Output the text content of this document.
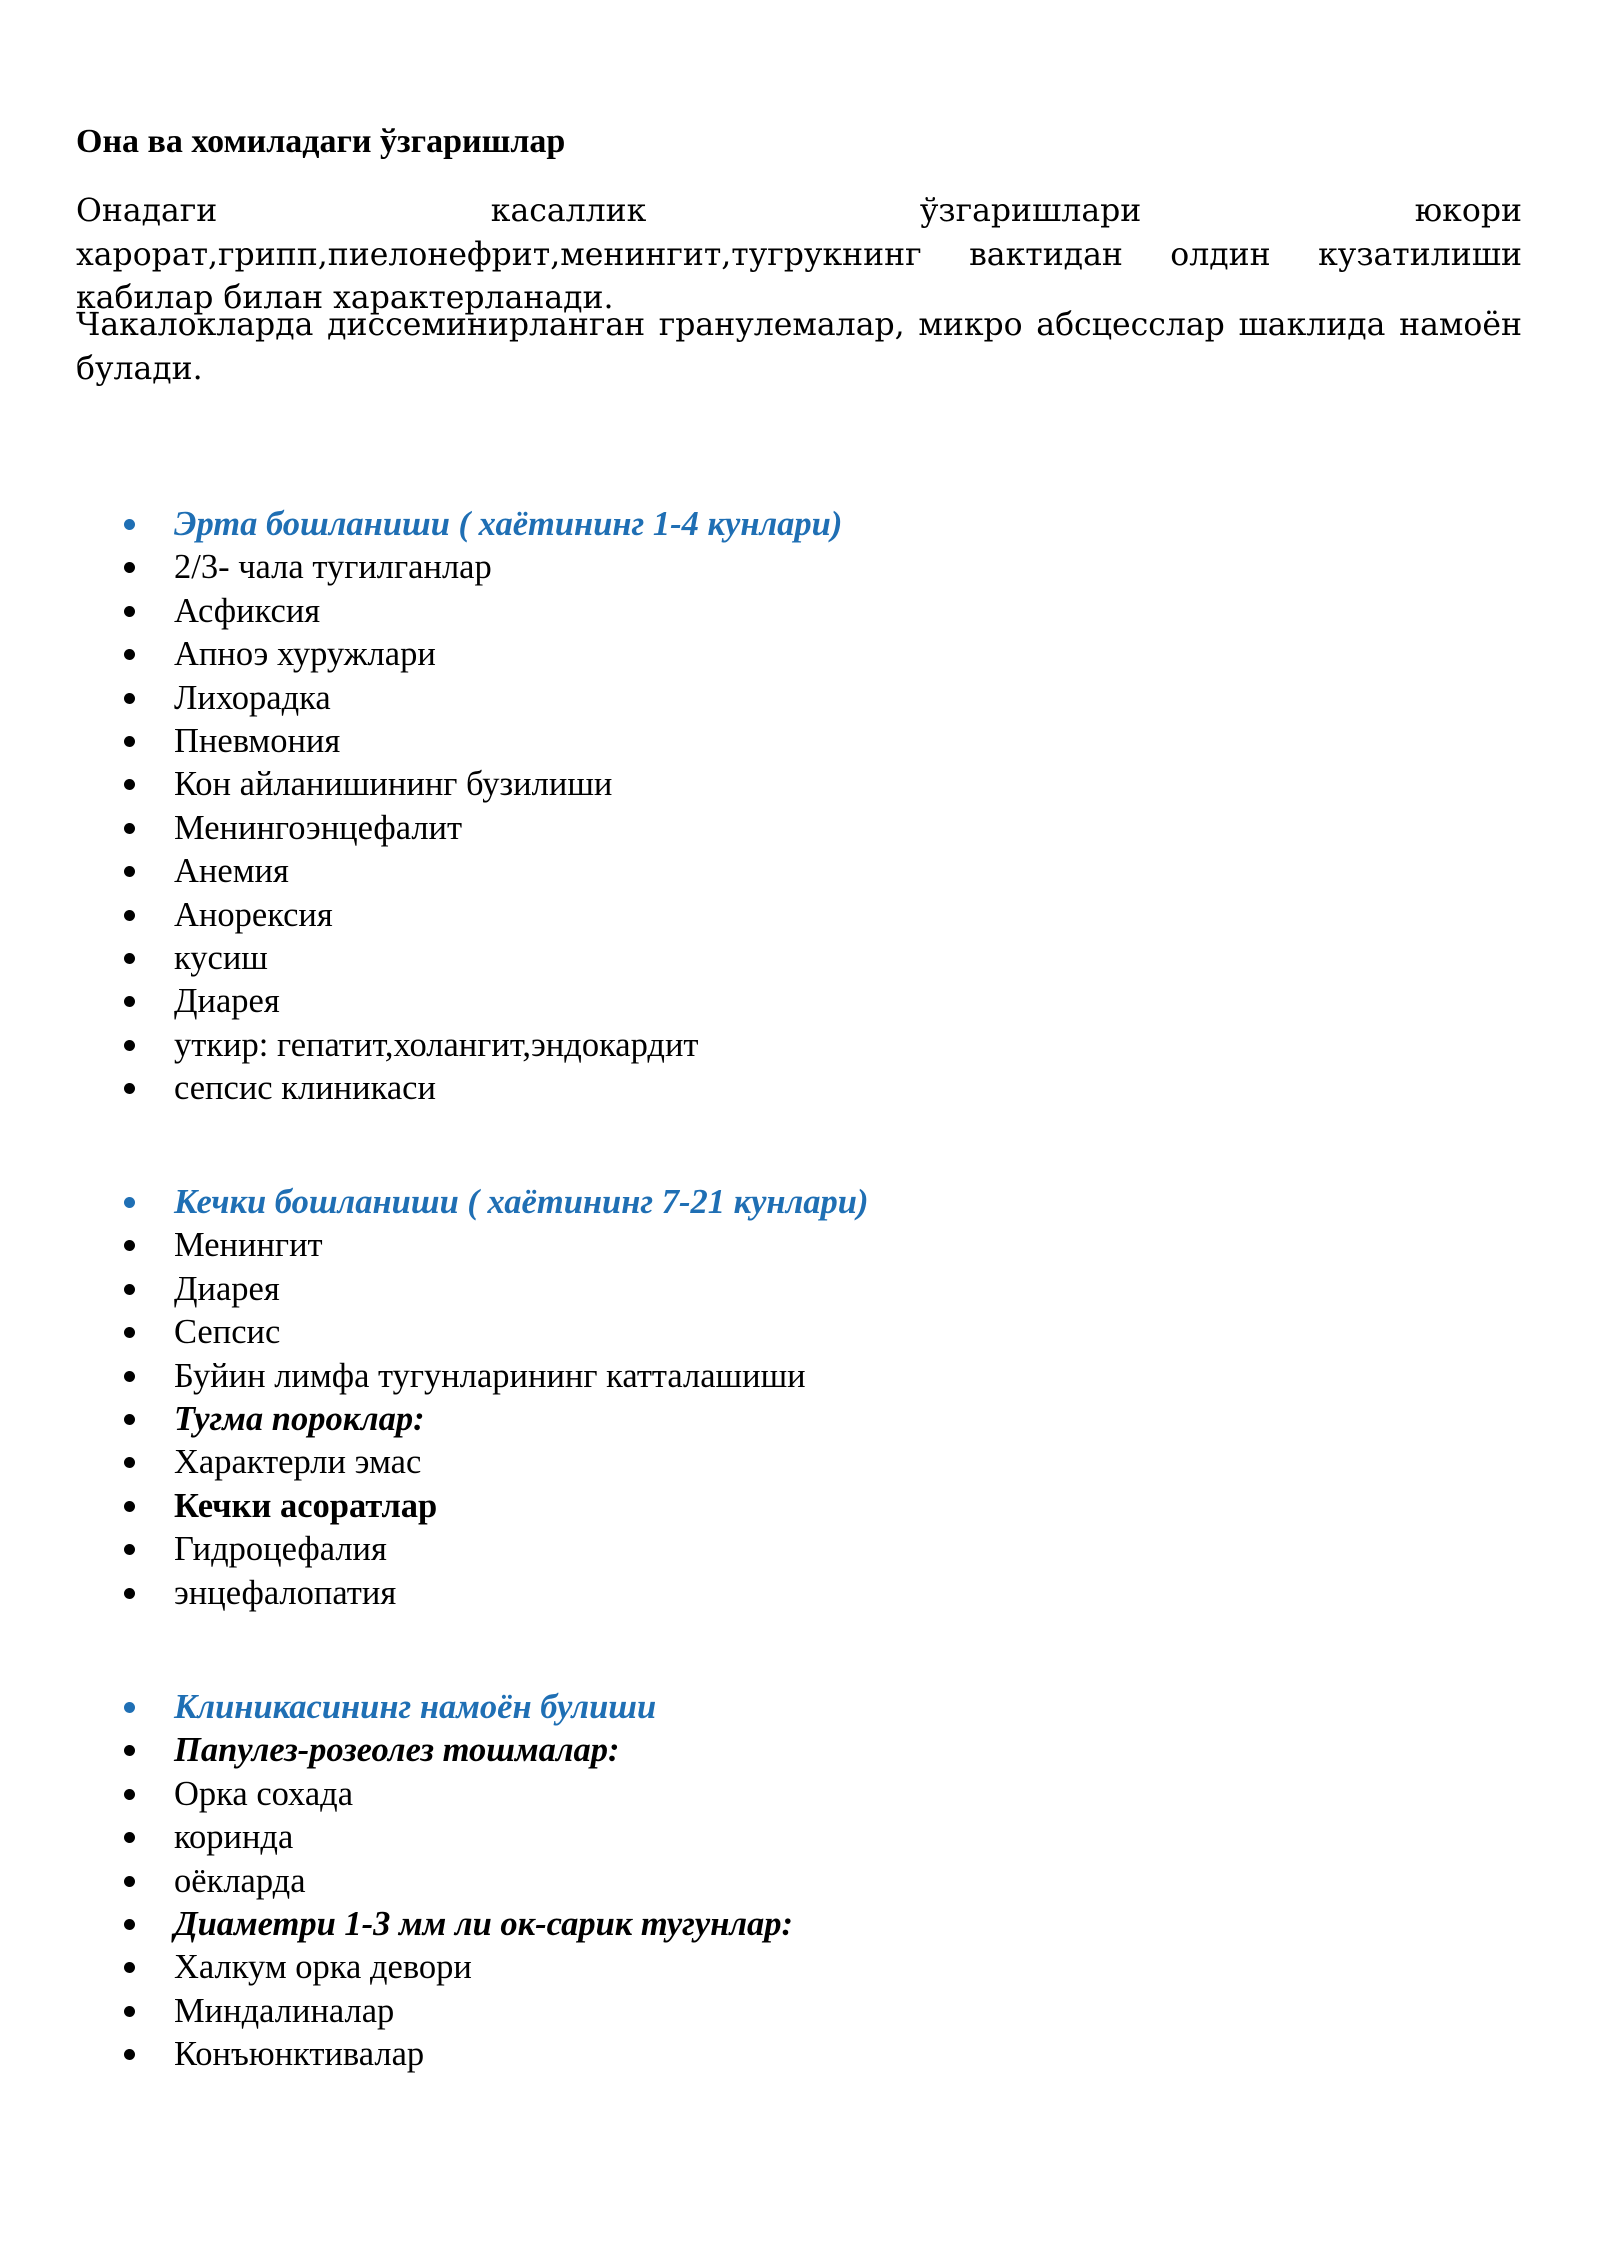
Она ва хомиладаги ўзгаришлар

Онадаги касаллик ўзгаришлари юкори харорат,грипп,пиелонефрит,менингит,тугрукнинг вактидан олдин кузатилиши кабилар билан характерланади.

Чакалокларда диссеминирланган гранулемалар, микро абсцесслар шаклида намоён булади.

Эрта бошланиши ( хаётининг 1-4 кунлари)
2/3- чала тугилганлар
Асфиксия
Апноэ хуружлари
Лихорадка
Пневмония
Кон айланишининг бузилиши
Менингоэнцефалит
Анемия
Анорексия
кусиш
Диарея
уткир: гепатит,холангит,эндокардит
сепсис клиникаси
Кечки бошланиши ( хаётининг 7-21 кунлари)
Менингит
Диарея
Сепсис
Буйин лимфа тугунларининг катталашиши
Тугма пороклар:
Характерли эмас
Кечки асоратлар
Гидроцефалия
энцефалопатия
Клиникасининг намоён булиши
Папулез-розеолез тошмалар:
Орка сохада
коринда
оёкларда
Диаметри 1-3 мм ли ок-сарик тугунлар:
Халкум орка девори
Миндалиналар
Конъюнктивалар
